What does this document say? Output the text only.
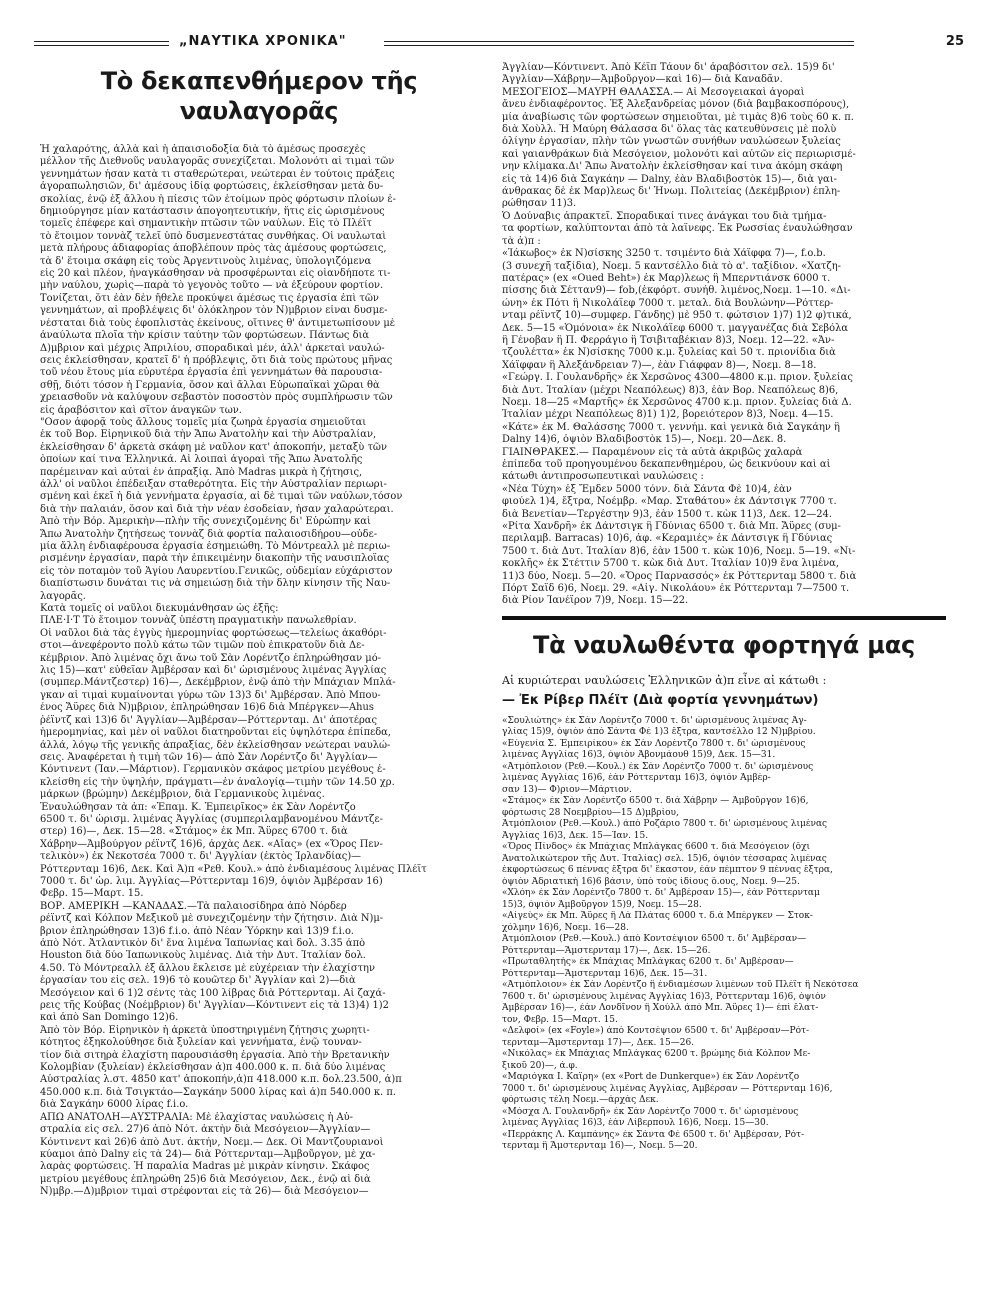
„ΝΑΥΤΙΚΑ ΧΡΟΝΙΚΑ"	25
Τὸ δεκαπενθήμερον τῆς ναυλαγορᾶς
Ἡ χαλαρότης, ἀλλὰ καὶ ἡ ἀπαισιοδοξία διὰ τὸ ἀμέσως προσεχὲς
μέλλον τῆς Διεθνοῦς ναυλαγορᾶς συνεχίζεται. Μολονότι αἱ τιμαὶ τῶν
γεννημάτων ἦσαν κατὰ τι σταθερώτεραι, νεώτεραι ἐν τούτοις πράξεις
ἀγοραπωλησιῶν, δι' ἀμέσους ἰδίᾳ φορτώσεις, ἐκλείσθησαν μετὰ δυ-
σκολίας, ἐνῷ ἐξ ἄλλου ἡ πίεσις τῶν ἑτοίμων πρὸς φόρτωσιν πλοίων ἐ-
δημιούργησε μίαν κατάστασιν ἀπογοητευτικήν, ἥτις εἰς ὡρισμένους
τομεῖς ἐπέφερε καὶ σημαντικὴν πτῶσιν τῶν ναύλων. Εἰς τὸ Πλέϊτ
τὸ ἕτοιμον τοννὰζ τελεῖ ὑπὸ δυσμενεστάτας συνθήκας. Οἱ ναυλωταὶ
μετὰ πλήρους ἀδιαφορίας ἀποβλέπουν πρὸς τὰς ἀμέσους φορτώσεις,
τὰ δ' ἕτοιμα σκάφη εἰς τοὺς Ἀργεντινοὺς λιμένας, ὑπολογιζόμενα
εἰς 20 καὶ πλέον, ἠναγκάσθησαν νὰ προσφέρωνται εἰς οἱανδήποτε τι-
μὴν ναύλου, χωρὶς—παρὰ τὸ γεγονὸς τοῦτο — νὰ ἐξεύρουν φορτίον.
Τονίζεται, ὅτι ἐὰν δὲν ἤθελε προκύψει ἀμέσως τις ἐργασία ἐπὶ τῶν
γεννημάτων, αἱ προβλέψεις δι' ὁλόκληρον τὸν Ν)μβριον εἶναι δυσμε-
νέσταται διὰ τοὺς ἐφοπλιστὰς ἐκείνους, οἵτινες θ' ἀντιμετωπίσουν μὲ
ἀναύλωτα πλοῖα τὴν κρίσιν ταύτην τῶν φορτώσεων. Πάντως διὰ
Δ)μβριον καὶ μέχρις Ἀπριλίου, σποραδικαὶ μέν, ἀλλ' ἀρκεταὶ ναυλώ-
σεις ἐκλείσθησαν, κρατεῖ δ' ἡ πρόβλεψις, ὅτι διὰ τοὺς πρώτους μῆνας
τοῦ νέου ἔτους μία εὐρυτέρα ἐργασία ἐπὶ γεννημάτων θὰ παρουσια-
σθῇ, διότι τόσον ἡ Γερμανία, ὅσον καὶ ἄλλαι Εὐρωπαϊκαὶ χῶραι θὰ
χρειασθοῦν νὰ καλύψουν σεβαστὸν ποσοστὸν πρὸς συμπλήρωσιν τῶν
εἰς ἀραβόσιτον καὶ σῖτον ἀναγκῶν των.
"Οσον ἀφορᾷ τοὺς ἄλλους τομεῖς μία ζωηρὰ ἐργασία σημειοῦται
ἐκ τοῦ Βορ. Εἰρηνικοῦ διὰ τὴν Ἄπω Ἀνατολὴν καὶ τὴν Αὐστραλίαν,
ἐκλείσθησαν δ' ἀρκετὰ σκάφη μὲ ναῦλον κατ' ἀποκοπήν, μεταξὺ τῶν
ὁποίων καί τινα Ἑλληνικά. Αἱ λοιπαὶ ἀγοραὶ τῆς Ἄπω Ἀνατολῆς
παρέμειναν καὶ αὐταὶ ἐν ἀπραξίᾳ. Ἀπὸ Madras μικρὰ ἡ ζήτησις,
ἀλλ' οἱ ναῦλοι ἐπέδειξαν σταθερότητα. Εἰς τὴν Αὐστραλίαν περιωρι-
σμένη καὶ ἐκεῖ ἡ διὰ γεννήματα ἐργασία, αἱ δὲ τιμαὶ τῶν ναύλων,τόσον
διὰ τὴν παλαιάν, ὅσον καὶ διὰ τὴν νέαν ἐσοδείαν, ἦσαν χαλαρώτεραι.
Ἀπὸ τὴν Βόρ. Ἀμερικὴν—πλὴν τῆς συνεχιζομένης δι' Εὐρώπην καὶ
Ἄπω Ἀνατολὴν ζητήσεως τοννὰζ διὰ φορτία παλαιοσιδήρου—οὐδε-
μία ἄλλη ἐνδιαφέρουσα ἐργασία ἐσημειώθη. Τὸ Μόντρεαλλ μὲ περιω-
ρισμένην ἐργασίαν, παρὰ τὴν ἐπικειμένην διακοπὴν τῆς ναυσιπλοΐας
εἰς τὸν ποταμὸν τοῦ Ἁγίου Λαυρεντίου.Γενικῶς, οὐδεμίαν εὐχάριστον
διαπίστωσιν δυνάται τις νὰ σημειώσῃ διὰ τὴν δλην κίνησιν τῆς Ναυ-
λαγορᾶς.
Κατὰ τομεῖς οἱ ναῦλοι διεκυμάνθησαν ὡς ἐξῆς:
ΠΛΕ·Ι·Τ Τὸ ἕτοιμον τοννὰζ ὑπέστη πραγματικὴν πανωλεθρίαν.
Οἱ ναῦλοι διὰ τὰς ἐγγὺς ἡμερομηνίας φορτώσεως—τελείως ἀκαθόρι-
στοι—ἀνεφέροντο πολὺ κάτω τῶν τιμῶν ποὺ ἐπικρατοῦν διὰ Δε-
κέμβριον. Ἀπὸ λιμένας ὄχι ἄνω τοῦ Σὰν Λορέντζο ἐπληρώθησαν μό-
λις 15)—κατ' εὐθεῖαν Ἀμβέρσαν καὶ δι' ὡρισμένους λιμένας Ἀγγλίας
(συμπερ.Μάντζεστερ) 16)—, Δεκέμβριον, ἐνῷ ἀπὸ τὴν Μπάχιαν Μπλά-
γκαν αἱ τιμαὶ κυμαίνονται γύρω τῶν 13)3 δι' Ἀμβέρσαν. Ἀπὸ Μπου-
ένος Ἄϋρες διὰ Ν)μβριον, ἐπληρώθησαν 16)6 διὰ Μπέργκεν—Ahus
ῥέϊντζ καὶ 13)6 δι' Ἀγγλίαν—Ἀμβέρσαν—Ρόττερνταμ. Δι' ἀποτέρας
ἡμερομηνίας, καὶ μὲν οἱ ναῦλοι διατηροῦνται εἰς ὑψηλότερα ἐπίπεδα,
ἀλλά, λόγῳ τῆς γενικῆς ἀπραξίας, δὲν ἐκλείσθησαν νεώτεραι ναυλώ-
σεις. Ἀναφέρεται ἡ τιμὴ τῶν 16)— ἀπὸ Σὰν Λορέντζο δι' Ἀγγλίαν—
Κόντινεντ (Ἰαν.—Μάρτιον). Γερμανικὸν σκάφος μετρίου μεγέθους ἐ-
κλείσθη εἰς τὴν ὑψηλήν, πράγματι—ἐν ἀναλογίᾳ—τιμὴν τῶν 14.50 χρ.
μάρκων (βρώμην) Δεκέμβριον, διὰ Γερμανικοὺς λιμένας.
Ἐναυλώθησαν τὰ ἀπ: «Ἐπαμ. Κ. Ἐμπειρῖκος» ἐκ Σὰν Λορέντζο
6500 τ. δι' ὡρισμ. λιμένας Ἀγγλίας (συμπεριλαμβανομένου Μάντζε-
στερ) 16)—, Δεκ. 15—28. «Στάμος» ἐκ Μπ. Ἄϋρες 6700 τ. διὰ
Χάβρην—Ἀμβούργον ρέϊντζ 16)6, ἀρχὰς Δεκ. «Αἴας» (ex «Ὄρος Πεν-
τελικὸν») ἐκ Νεκοτσέα 7000 τ. δι' Ἀγγλίαν (ἐκτὸς Ἰρλανδίας)—
Ρόττερνταμ 16)6, Δεκ. Καὶ Ἀ)π «Ρεθ. Κουλ.» ἀπὸ ἐνδιαμέσους λιμένας Πλέϊτ
7000 τ. δι' ὡρ. λιμ. Ἀγγλίας—Ρόττερνταμ 16)9, ὀψιὸν Ἀμβέρσαν 16)
Φεβρ. 15—Μαρτ. 15.
ΒΟΡ. ΑΜΕΡΙΚΗ —ΚΑΝΑΔΑΣ.—Τὰ παλαιοσίδηρα ἀπὸ Νόρδερ
ρέϊντζ καὶ Κόλπον Μεξικοῦ μὲ συνεχιζομένην τὴν ζήτησιν. Διὰ Ν)μ-
βριον ἐπληρώθησαν 13)6 f.i.o. ἀπὸ Νέαν Ὑόρκην καὶ 13)9 f.i.o.
ἀπὸ Νότ. Ἀτλαντικὸν δι' ἕνα λιμένα Ἰαπωνίας καὶ δολ. 3.35 ἀπὸ
Houston διὰ δύο Ἰαπωνικοὺς λιμένας. Διὰ τὴν Δυτ. Ἰταλίαν δολ.
4.50. Τὸ Μόντρεαλλ ἐξ ἄλλου ἔκλεισε μὲ εὐχέρειαν τὴν ἐλαχίστην
ἐργασίαν του εἰς σελ. 19)6 τὸ κουῶτερ δι' Ἀγγλίαν καὶ 2)—διὰ
Μεσόγειον καὶ 6 1)2 σέντς τὰς 100 λίβρας διὰ Ρόττερνταμ. Αἱ ζαχά-
ρεις τῆς Κούβας (Νοέμβριον) δι' Ἀγγλίαν—Κόντινεντ εἰς τὰ 13)4) 1)2
καὶ ἀπὸ San Domingo 12)6.
Ἀπὸ τὸν Βόρ. Εἰρηνικὸν ἡ ἀρκετὰ ὑποστηριγμένη ζήτησις χωρητι-
κότητος ἐξηκολούθησε διὰ ξυλείαν καὶ γεννήματα, ἐνῷ τουναν-
τίον διὰ σιτηρὰ ἐλαχίστη παρουσιάσθη ἐργασία. Ἀπὸ τὴν Βρετανικὴν
Κολομβίαν (ξυλείαν) ἐκλείσθησαν ἀ)π 400.000 κ. π. διὰ δύο λιμένας
Αὐστραλίας λ.στ. 4850 κατ' ἀποκοπήν,ἀ)π 418.000 κ.π. δολ.23.500, ἀ)π
450.000 κ.π. διὰ Τσιγκτάο—Σαγκάην 5000 λίρας καὶ ἀ)π 540.000 κ. π.
διὰ Σαγκάην 6000 λίρας f.i.o.
ΑΠΩ ΑΝΑΤΟΛΗ—ΑΥΣΤΡΑΛΙΑ: Μὲ ἐλαχίστας ναυλώσεις ἡ Αὐ-
στραλία εἰς σελ. 27)6 ἀπὸ Νότ. ἀκτὴν διὰ Μεσόγειον—Ἀγγλίαν—
Κόντινεντ καὶ 26)6 ἀπὸ Δυτ. ἀκτήν, Νοεμ.— Δεκ. Οἱ Μαντζουριανοὶ
κύαμοι ἀπὸ Dalny εἰς τὰ 24)— διὰ Ρόττερνταμ—Ἀμβοῦργον, μὲ χα-
λαρὰς φορτώσεις. Ἡ παραλία Madras μὲ μικρὰν κίνησιν. Σκάφος
μετρίου μεγέθους ἐπληρώθη 25)6 διὰ Μεσόγειον, Δεκ., ἐνῷ αἱ διὰ
Ν)μβρ.—Δ)μβριον τιμαὶ στρέφονται εἰς τὰ 26)— διὰ Μεσόγειον—
Ἀγγλίαν—Κόντινεντ. Ἀπὸ Κέϊπ Τάουν δι' ἀραβόσιτον σελ. 15)9 δι'
Ἀγγλίαν—Χάβρην—Ἀμβοῦργον—καὶ 16)— διὰ Καναδᾶν.
ΜΕΣΟΓΕΙΟΣ—ΜΑΥΡΗ ΘΑΛΑΣΣΑ.— Αἱ Μεσογειακαὶ ἀγοραὶ
ἄνευ ἐνδιαφέροντος. Ἐξ Ἀλεξανδρείας μόνον (διὰ βαμβακοσπόρους),
μία ἀναβίωσις τῶν φορτώσεων σημειοῦται, μὲ τιμὰς 8)6 τοὺς 60 κ. π.
διὰ Χοὺλλ. Ἡ Μαύρη Θάλασσα δι' ὅλας τὰς κατευθύνσεις μὲ πολὺ
ὀλίγην ἐργασίαν, πλὴν τῶν γνωστῶν συνήθων ναυλώσεων ξυλείας
καὶ γαιανθράκων διὰ Μεσόγειον, μολονότι καὶ αὐτῶν εἰς περιωρισμέ-
νην κλίμακα.Δι' Ἄπω Ἀνατολὴν ἐκλείσθησαν καί τινα ἀκόμη σκάφη
εἰς τὰ 14)6 διὰ Σαγκάην — Dalny, ἐὰν Βλαδιβοστὸκ 15)—, διὰ γαι-
άνθρακας δὲ ἐκ Μαρ)λεως δι' Ἡνωμ. Πολιτείας (Δεκέμβριον) ἐπλη-
ρώθησαν 11)3.
Ὁ Δούναβις ἀπρακτεῖ. Σποραδικαί τινες ἀνάγκαι του διὰ τμήμα-
τα φορτίων, καλύπτονται ἀπὸ τὰ λαΐνεφς. Ἐκ Ρωσσίας ἐναυλώθησαν
τὰ ἀ)π :
«Ἰάκωβος» ἐκ Ν)σίσκης 3250 τ. τσιμέντο διὰ Χάϊφφα 7)—, f.o.b.
(3 συνεχῆ ταξίδια), Νοεμ. 5 καντσέλλο διὰ τὸ α'. ταξίδιον. «Χατζη-
πατέρας» (ex «Oued Beht») ἐκ Μαρ)λεως ἢ Μπερντιάνσκ 6000 τ.
πίσσης διὰ Σέτταν9)— fob,(ἐκφόρτ. συνήθ. λιμένος,Νοεμ. 1—10. «Δι-
ώνη» ἐκ Πότι ἢ Νικολάϊεφ 7000 τ. μεταλ. διὰ Βουλώνην—Ρόττερ-
νταμ ρέϊντζ 10)—συμφερ. Γάνδης) μὲ 950 τ. φώτσιον 1)7) 1)2 φ)τικά,
Δεκ. 5—15 «Ὁμόνοια» ἐκ Νικολάϊεφ 6000 τ. μαγγανέζας διὰ Σεβόλα
ἢ Γένοβαν ἢ Π. Φερράγιο ἢ Τσιβιταβέκιαν 8)3, Νοεμ. 12—22. «Ἀν-
τζουλέττα» ἐκ Ν)σίσκης 7000 κ.μ. ξυλείας καὶ 50 τ. πριονίδια διὰ
Χάϊφφαν ἢ Ἀλεξάνδρειαν 7)—, ἐὰν Γιάφφαν 8)—, Νοεμ. 8—18.
«Γεώργ. Ι. Γουλανδρῆς» ἐκ Χερσῶνος 4300—4800 κ.μ. πριον. ξυλείας
διὰ Δυτ. Ἰταλίαν (μέχρι Νεαπόλεως) 8)3, ἐὰν Βορ. Νεαπόλεως 8)6,
Νοεμ. 18—25 «Μαρτῆς» ἐκ Χερσῶνος 4700 κ.μ. πριον. ξυλείας διὰ Δ.
Ἰταλίαν μέχρι Νεαπόλεως 8)1) 1)2, βορειότερον 8)3, Νοεμ. 4—15.
«Κάτε» ἐκ Μ. Θαλάσσης 7000 τ. γεννήμ. καὶ γενικὰ διὰ Σαγκάην ἢ
Dalny 14)6, ὀψιὸν Βλαδιβοστὸκ 15)—, Νοεμ. 20—Δεκ. 8.
ΓΙΑΙΝΘΡΑΚΕΣ.— Παραμένουν εἰς τὰ αὐτὰ ἀκριβῶς χαλαρὰ
ἐπίπεδα τοῦ προηγουμένου δεκαπενθημέρου, ὡς δεικνύουν καὶ αἱ
κάτωθι ἀντιπροσωπευτικαὶ ναυλώσεις :
«Νέα Τύχη» ἐξ Ἔμδεν 5000 τόνν. διὰ Σάντα Φὲ 10)4, ἐὰν
φιούελ 1)4, ἔξτρα, Νοέμβρ. «Μαρ. Σταθάτου» ἐκ Δάντσιγκ 7700 τ.
διὰ Βενετίαν—Τεργέστην 9)3, ἐὰν 1500 τ. κὼκ 11)3, Δεκ. 12—24.
«Ρίτα Χανδρῆ» ἐκ Δάντσιγκ ἢ Γδύνιας 6500 τ. διὰ Μπ. Ἄϋρες (συμ-
περιλαμβ. Barracas) 10)6, ἀφ. «Κεραμιές» ἐκ Δάντσιγκ ἢ Γδύνιας
7500 τ. διὰ Δυτ. Ἰταλίαν 8)6, ἐὰν 1500 τ. κὼκ 10)6, Νοεμ. 5—19. «Νι-
κοκλῆς» ἐκ Στέττιν 5700 τ. κὼκ διὰ Δυτ. Ἰταλίαν 10)9 ἕνα λιμένα,
11)3 δύο, Νοεμ. 5—20. «Ὄρος Παρνασσός» ἐκ Ρόττερνταμ 5800 τ. διὰ
Πόρτ Σαΐδ 6)6, Νοεμ. 29. «Αἰγ. Νικολάου» ἐκ Ρόττερνταμ 7—7500 τ.
διὰ Ρίον Ἰανέϊρον 7)9, Νοεμ. 15—22.
Τὰ ναυλωθέντα φορτηγά μας

Αἱ κυριώτεραι ναυλώσεις Ἑλληνικῶν ἀ)π εἶνε αἱ κάτωθι :

— Ἐκ Ρίβερ Πλέϊτ (Διὰ φορτία γεννημάτων)

«Σουλιώτης» ἐκ Σὰν Λορέντζο 7000 τ. δι' ὡρισμένους λιμένας Ἀγ-
γλίας 15)9, ὀψιὸν ἀπὸ Σάντα Φὲ 1)3 ἔξτρα, καντσέλλο 12 Ν)μβρίου.
«Εὐγενία Σ. Ἐμπειρίκου» ἐκ Σὰν Λορέντζο 7800 τ. δι' ὡρισμένους
λιμένας Ἀγγλίας 16)3, ὀψιὸν Ἀβονμάουθ 15)9, Δεκ. 15—31.
«Ἀτμόπλοιον (Ρεθ.—Κουλ.) ἐκ Σὰν Λορέντζο 7000 τ. δι' ὡρισμένους
λιμένας Ἀγγλίας 16)6, ἐὰν Ρόττερνταμ 16)3, ὀψιὸν Ἀμβέρ-
σαν 13)— Φ)ριον—Μάρτιον.
«Στάμος» ἐκ Σὰν Λορέντζο 6500 τ. διὰ Χάβρην — Ἀμβοῦργον 16)6,
φόρτωσις 28 Νοεμβρίου—15 Δ)μβρίου,
Ἀτμόπλοιον (Ρεθ.—Κουλ.) ἀπὸ Ροζάριο 7800 τ. δι' ὡρισμένους λιμένας
Ἀγγλίας 16)3, Δεκ. 15—Ἰαν. 15.
«Ὄρος Πίνδος» ἐκ Μπάχιας Μπλάγκας 6600 τ. διὰ Μεσόγειον (ὄχι
Ἀνατολικώτερον τῆς Δυτ. Ἰταλίας) σελ. 15)6, ὀψιὸν τέσσαρας λιμένας
ἐκφορτώσεως 6 πέννας ἔξτρα δι' ἕκαστον, ἐὰν πέμπτον 9 πέννας ἔξτρα,
ὀψιὸν Ἀδριατικὴ 16)6 βάσιν, ὑπὸ τοὺς ἰδίους ὅ.ους, Νοεμ. 9—25.
«Χλόη» ἐκ Σὰν Λορέντζο 7800 τ. δι' Ἀμβέρσαν 15)—, ἐὰν Ρόττερνταμ
15)3, ὀψιὸν Ἀμβοῦργον 15)9, Νοεμ. 15—28.
«Αἰγεὺς» ἐκ Μπ. Ἄϋρες ἢ Λὰ Πλάτας 6000 τ. δ.ὰ Μπέργκεν — Στοκ-
χόλμην 16)6, Νοεμ. 16—28.
Ἀτμόπλοιον (Ρεθ.—Κουλ.) ἀπὸ Κοντσέψιον 6500 τ. δι' Ἀμβέρσαν—
Ρόττερνταμ—Ἄμστερνταμ 17)—, Δεκ. 15—26.
«Πρωταθλητὴς» ἐκ Μπάχιας Μπλάγκας 6200 τ. δι' Ἀμβέρσαν—
Ρόττερνταμ—Ἄμστερνταμ 16)6, Δεκ. 15—31.
«Ἀτμόπλοιον» ἐκ Σὰν Λορέντζο ἢ ἐνδιαμέσων λιμένων τοῦ Πλέϊτ ἢ Νεκότσεα
7600 τ. δι' ὡρισμένους λιμένας Ἀγγλίας 16)3, Ρόττερνταμ 16)6, ὀψιὸν
Ἀμβέρσαν 16)—, ἐὰν Λονδῖνον ἢ Χούλλ ἀπὸ Μπ. Ἄϋρες 1)— ἐπὶ ἔλατ-
τον, Φεβρ. 15—Μαρτ. 15.
«Δελφοί» (ex «Foyle») ἀπὸ Κοντσέψιον 6500 τ. δι' Ἀμβέρσαν—Ρότ-
τερνταμ—Ἄμστερνταμ 17)—, Δεκ. 15—26.
«Νικόλας» ἐκ Μπάχιας Μπλάγκας 6200 τ. βρώμης διὰ Κόλπον Με-
ξικοῦ 20)—, ἀ.φ.
«Μαριόγκα Ι. Καΐρη» (ex «Port de Dunkerque») ἐκ Σὰν Λορέντζο
7000 τ. δι' ὡρισμένους λιμένας Ἀγγλίας, Ἀμβέρσαν — Ρόττερνταμ 16)6,
φόρτωσις τέλη Νοεμ.—ἀρχὰς Δεκ.
«Μόσχα Λ. Γουλανδρῆ» ἐκ Σὰν Λορέντζο 7000 τ. δι' ὡρισμένους
λιμένας Ἀγγλίας 16)3, ἐὰν Λίβερπουλ 16)6, Νοεμ. 15—30.
«Περράκης Λ. Καμπάνης» ἐκ Σάντα Φὲ 6500 τ. δι' Ἀμβέρσαν, Ρότ-
τερνταμ ἢ Ἄμστερνταμ 16)—, Νοεμ. 5—20.
